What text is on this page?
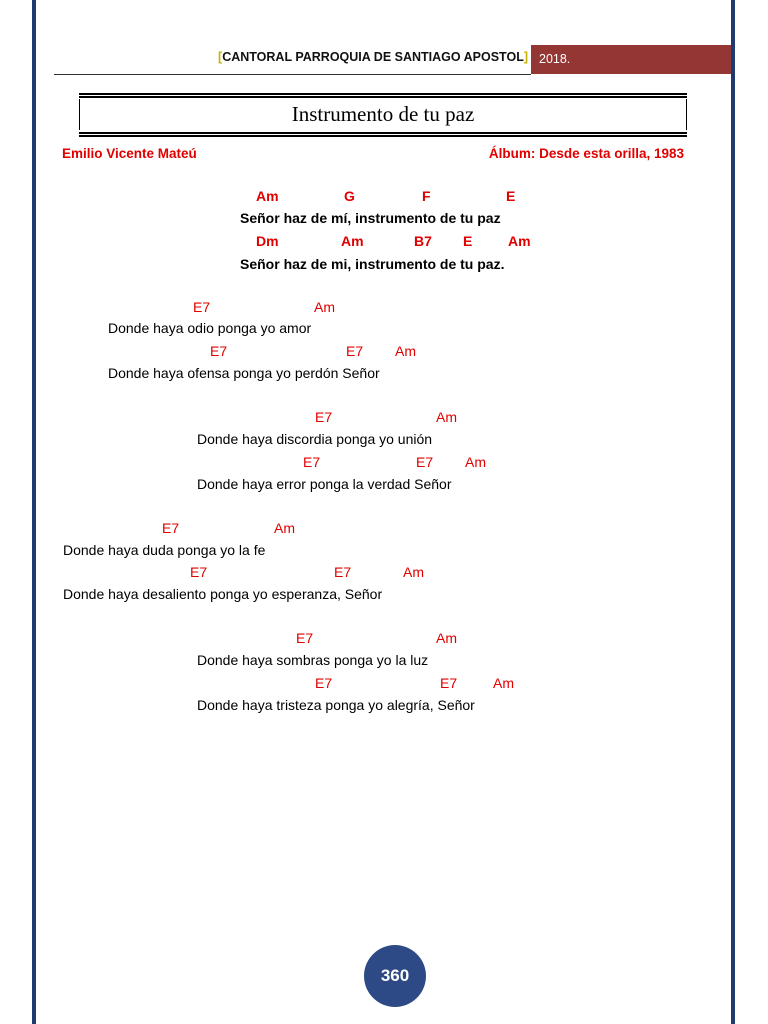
[CANTORAL PARROQUIA DE SANTIAGO APOSTOL] 2018.
Instrumento de tu paz
Emilio Vicente Mateú	Álbum: Desde esta orilla, 1983
Am	G	F	E
Señor haz de mí, instrumento de tu paz
Dm	Am	B7 E	Am
Señor haz de mi, instrumento de tu paz.
E7	Am
Donde haya odio ponga yo amor
E7	E7 Am
Donde haya ofensa ponga yo perdón Señor
E7	Am
Donde haya discordia ponga yo unión
E7	E7 Am
Donde haya error ponga la verdad Señor
E7	Am
Donde haya duda ponga yo la fe
E7	E7	Am
Donde haya desaliento ponga yo esperanza, Señor
E7	Am
Donde haya sombras ponga yo la luz
E7	E7	Am
Donde haya tristeza ponga yo alegría, Señor
360
